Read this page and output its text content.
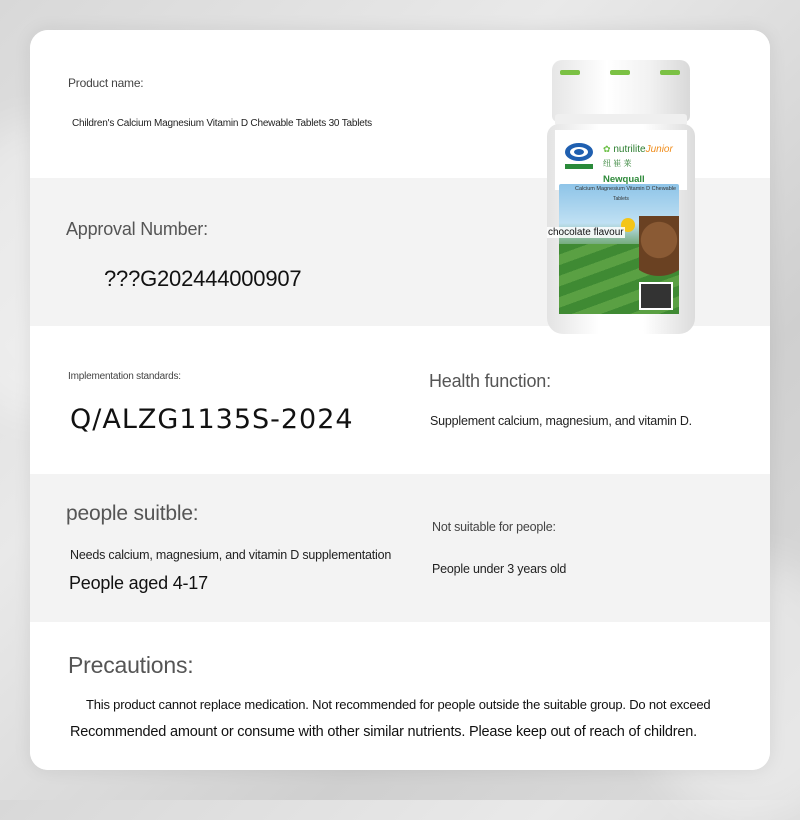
Product name:
Children's Calcium Magnesium Vitamin D Chewable Tablets 30 Tablets
Approval Number:
???G202444000907
Implementation standards:
Q/ALZG1135S-2024
Health function:
Supplement calcium, magnesium, and vitamin D.
people suitble:
Needs calcium, magnesium, and vitamin D supplementation
People aged 4-17
Not suitable for people:
People under 3 years old
Precautions:
This product cannot replace medication. Not recommended for people outside the suitable group. Do not exceed
Recommended amount or consume with other similar nutrients. Please keep out of reach of children.
✿ nutriliteJunior
纽 崔 莱
Newquall
Calcium Magnesium Vitamin D Chewable
Tablets
chocolate flavour
